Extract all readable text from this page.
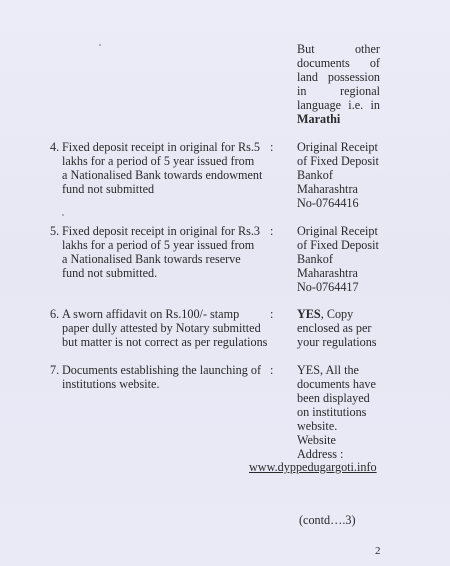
But other

documents of

land possession

in regional

language i.e. in

Marathi

4. Fixed deposit receipt in original for Rs.5
lakhs for a period of 5 year issued from
a Nationalised Bank towards endowment
fund not submitted
: Original Receipt
of Fixed Deposit
Bankof
Maharashtra
No-0764416
5. Fixed deposit receipt in original for Rs.3
lakhs for a period of 5 year issued from
a Nationalised Bank towards reserve
fund not submitted.
: Original Receipt
of Fixed Deposit
Bankof
Maharashtra
No-0764417
6. A sworn affidavit on Rs.100/- stamp
paper dully attested by Notary submitted
but matter is not correct as per regulations
: YES, Copy
enclosed as per
your regulations
7. Documents establishing the launching of
institutions website.
: YES, All the
documents have
been displayed
on institutions
website.
Website
Address :
www.dyppedugargoti.info
(contd….3)
2
